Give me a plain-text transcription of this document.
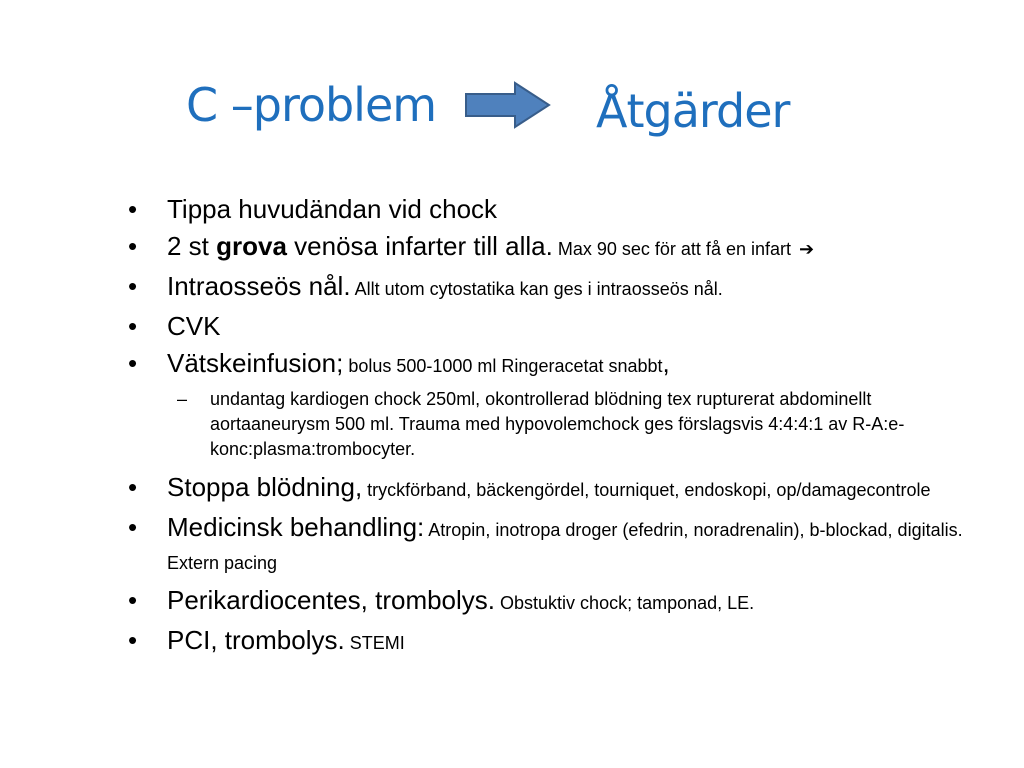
C –problem	Åtgärder
• Tippa huvudändan vid chock
• 2 st grova venösa infarter till alla. Max 90 sec för att få en infart ➔
• Intraosseös nål. Allt utom cytostatika kan ges i intraosseös nål.
• CVK
• Vätskeinfusion; bolus 500-1000 ml Ringeracetat snabbt,
– undantag kardiogen chock 250ml, okontrollerad blödning tex rupturerat abdominellt aortaaneurysm 500 ml. Trauma med hypovolemchock ges förslagsvis 4:4:4:1 av R-A:e-konc:plasma:trombocyter.
• Stoppa blödning, tryckförband, bäckengördel, tourniquet, endoskopi, op/damagecontrole
• Medicinsk behandling: Atropin, inotropa droger (efedrin, noradrenalin), b-blockad, digitalis. Extern pacing
• Perikardiocentes, trombolys. Obstuktiv chock; tamponad, LE.
• PCI, trombolys. STEMI
